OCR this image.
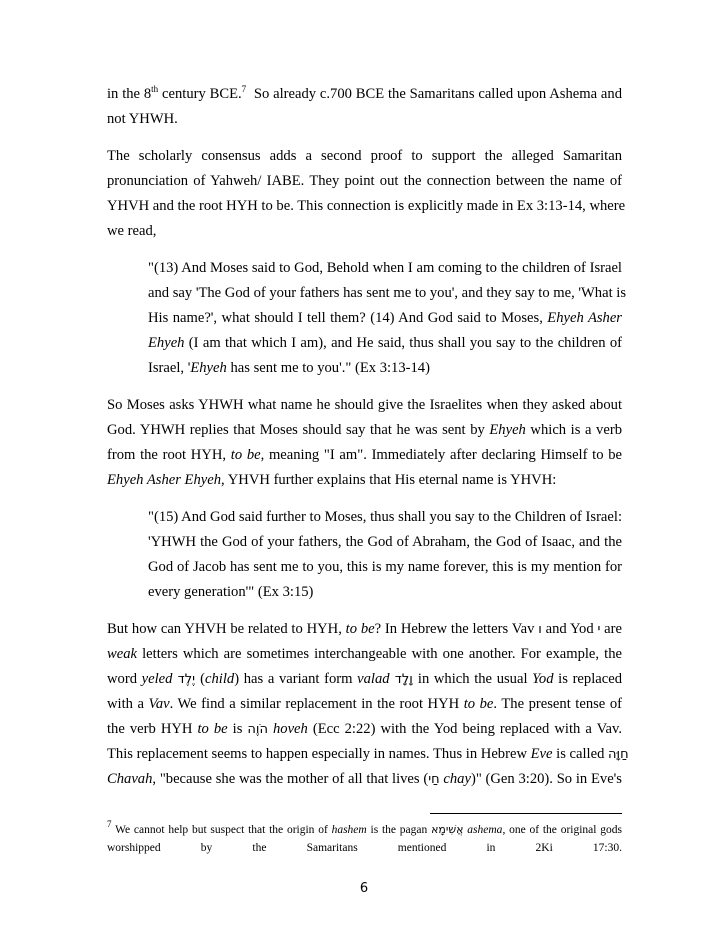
in the 8th century BCE.$^7$  So already c.700 BCE the Samaritans called upon Ashema and
not YHWH.
The scholarly consensus adds a second proof to support the alleged Samaritan
pronunciation of Yahweh/ IABE. They point out the connection between the name of
YHVH and the root HYH to be. This connection is explicitly made in Ex 3:13-14, where
we read,
"(13) And Moses said to God, Behold when I am coming to the children of Israel
and say 'The God of your fathers has sent me to you', and they say to me, 'What is
His name?', what should I tell them? (14) And God said to Moses, Ehyeh Asher
Ehyeh (I am that which I am), and He said, thus shall you say to the children of
Israel, 'Ehyeh has sent me to you'." (Ex 3:13-14)
So Moses asks YHWH what name he should give the Israelites when they asked about
God. YHWH replies that Moses should say that he was sent by Ehyeh which is a verb
from the root HYH, to be, meaning "I am". Immediately after declaring Himself to be
Ehyeh Asher Ehyeh, YHVH further explains that His eternal name is YHVH:
"(15) And God said further to Moses, thus shall you say to the Children of Israel:
'YHWH the God of your fathers, the God of Abraham, the God of Isaac, and the
God of Jacob has sent me to you, this is my name forever, this is my mention for
every generation'" (Ex 3:15)
But how can YHVH be related to HYH, to be? In Hebrew the letters Vav ו and Yod י are
weak letters which are sometimes interchangeable with one another. For example, the
word yeled יֶלֶד (child) has a variant form valad וָלָד in which the usual Yod is replaced
with a Vav. We find a similar replacement in the root HYH to be. The present tense of
the verb HYH to be is הֹוֶה hoveh (Ecc 2:22) with the Yod being replaced with a Vav.
This replacement seems to happen especially in names. Thus in Hebrew Eve is called חַוָּה
Chavah, "because she was the mother of all that lives (חַי chay)" (Gen 3:20). So in Eve's
$^7$ We cannot help but suspect that the origin of hashem is the pagan אֲשִׁימָא ashema, one of the original gods
worshipped by the Samaritans mentioned in 2Ki 17:30.
6
